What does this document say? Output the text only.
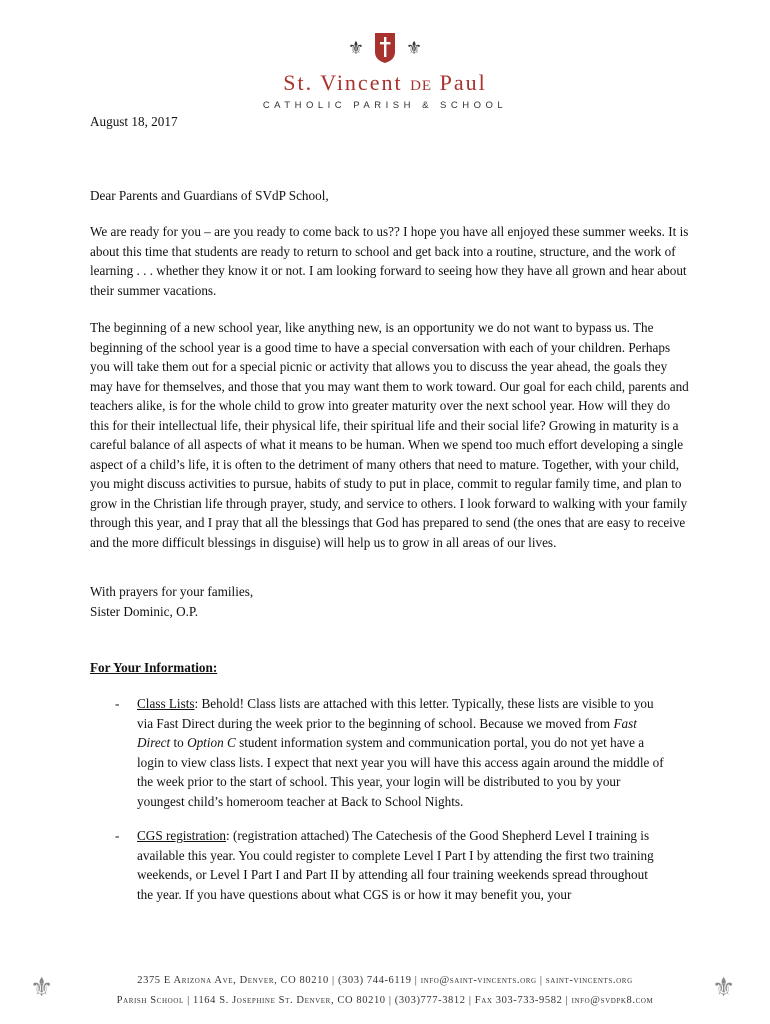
⚜ ⚜
St. Vincent DE Paul
CATHOLIC PARISH & SCHOOL
August 18, 2017
Dear Parents and Guardians of SVdP School,
We are ready for you – are you ready to come back to us?? I hope you have all enjoyed these summer weeks. It is about this time that students are ready to return to school and get back into a routine, structure, and the work of learning . . . whether they know it or not. I am looking forward to seeing how they have all grown and hear about their summer vacations.
The beginning of a new school year, like anything new, is an opportunity we do not want to bypass us. The beginning of the school year is a good time to have a special conversation with each of your children. Perhaps you will take them out for a special picnic or activity that allows you to discuss the year ahead, the goals they may have for themselves, and those that you may want them to work toward. Our goal for each child, parents and teachers alike, is for the whole child to grow into greater maturity over the next school year. How will they do this for their intellectual life, their physical life, their spiritual life and their social life? Growing in maturity is a careful balance of all aspects of what it means to be human. When we spend too much effort developing a single aspect of a child’s life, it is often to the detriment of many others that need to mature. Together, with your child, you might discuss activities to pursue, habits of study to put in place, commit to regular family time, and plan to grow in the Christian life through prayer, study, and service to others. I look forward to walking with your family through this year, and I pray that all the blessings that God has prepared to send (the ones that are easy to receive and the more difficult blessings in disguise) will help us to grow in all areas of our lives.
With prayers for your families,
Sister Dominic, O.P.
For Your Information:
- Class Lists: Behold! Class lists are attached with this letter. Typically, these lists are visible to you via Fast Direct during the week prior to the beginning of school. Because we moved from Fast Direct to Option C student information system and communication portal, you do not yet have a login to view class lists. I expect that next year you will have this access again around the middle of the week prior to the start of school. This year, your login will be distributed to you by your youngest child’s homeroom teacher at Back to School Nights.
- CGS registration: (registration attached) The Catechesis of the Good Shepherd Level I training is available this year. You could register to complete Level I Part I by attending the first two training weekends, or Level I Part I and Part II by attending all four training weekends spread throughout the year. If you have questions about what CGS is or how it may benefit you, your
⚜	2375 E Arizona Ave, Denver, CO 80210 | (303) 744-6119 | info@saint-vincents.org | saint-vincents.org
Parish School | 1164 S. Josephine St. Denver, CO 80210 | (303)777-3812 | Fax 303-733-9582 | info@svdpk8.com	⚜
